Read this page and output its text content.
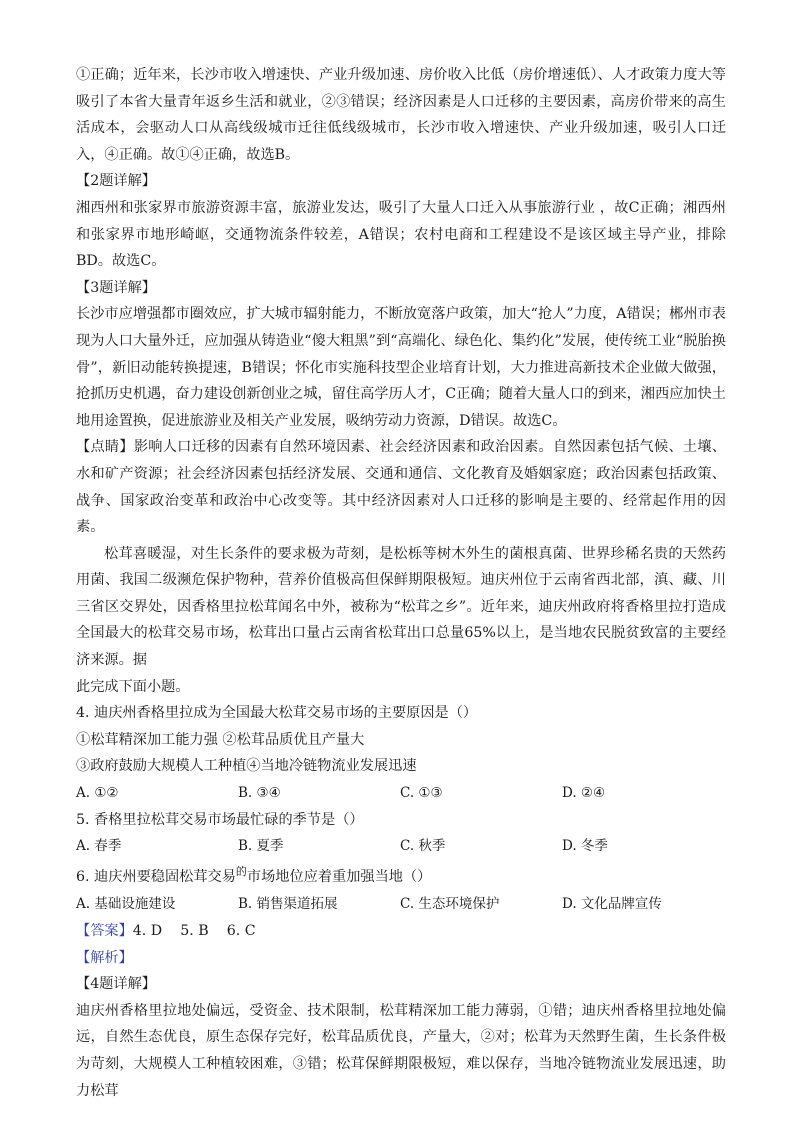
①正确；近年来，长沙市收入增速快、产业升级加速、房价收入比低（房价增速低）、人才政策力度大等吸引了本省大量青年返乡生活和就业，②③错误；经济因素是人口迁移的主要因素，高房价带来的高生活成本，会驱动人口从高线级城市迁往低线级城市，长沙市收入增速快、产业升级加速，吸引人口迁入，④正确。故①④正确，故选B。

【2题详解】

湘西州和张家界市旅游资源丰富，旅游业发达，吸引了大量人口迁入从事旅游行业 ，故C正确；湘西州和张家界市地形崎岖，交通物流条件较差，A错误；农村电商和工程建设不是该区域主导产业，排除 BD。故选C。

【3题详解】

长沙市应增强都市圈效应，扩大城市辐射能力，不断放宽落户政策，加大“抢人”力度，A错误；郴州市表现为人口大量外迁，应加强从铸造业“傻大粗黑”到“高端化、绿色化、集约化”发展，使传统工业“脱胎换骨”，新旧动能转换提速，B错误；怀化市实施科技型企业培育计划，大力推进高新技术企业做大做强，抢抓历史机遇，奋力建设创新创业之城，留住高学历人才，C正确；随着大量人口的到来，湘西应加快土地用途置换，促进旅游业及相关产业发展，吸纳劳动力资源，D错误。故选C。

【点睛】影响人口迁移的因素有自然环境因素、社会经济因素和政治因素。自然因素包括气候、土壤、水和矿产资源；社会经济因素包括经济发展、交通和通信、文化教育及婚姻家庭；政治因素包括政策、战争、国家政治变革和政治中心改变等。其中经济因素对人口迁移的影响是主要的、经常起作用的因素。

松茸喜暖湿，对生长条件的要求极为苛刻，是松栎等树木外生的菌根真菌、世界珍稀名贵的天然药用菌、我国二级濒危保护物种，营养价值极高但保鲜期限极短。迪庆州位于云南省西北部，滇、藏、川三省区交界处，因香格里拉松茸闻名中外，被称为“松茸之乡”。近年来，迪庆州政府将香格里拉打造成全国最大的松茸交易市场，松茸出口量占云南省松茸出口总量65%以上，是当地农民脱贫致富的主要经济来源。据

此完成下面小题。

4. 迪庆州香格里拉成为全国最大松茸交易市场的主要原因是（）

①松茸精深加工能力强 ②松茸品质优且产量大

③政府鼓励大规模人工种植④当地冷链物流业发展迅速

A. ①②	B. ③④	C. ①③	D. ②④

5. 香格里拉松茸交易市场最忙碌的季节是（）

A. 春季	B. 夏季	C. 秋季	D. 冬季

6. 迪庆州要稳固松茸交易$^的$市场地位应着重加强当地（）

A. 基础设施建设	B. 销售渠道拓展	C. 生态环境保护	D. 文化品牌宣传

【答案】4. D    5. B    6. C

【解析】

【4题详解】

迪庆州香格里拉地处偏远，受资金、技术限制，松茸精深加工能力薄弱，①错；迪庆州香格里拉地处偏远，自然生态优良，原生态保存完好，松茸品质优良，产量大，②对；松茸为天然野生菌，生长条件极为苛刻，大规模人工种植较困难，③错；松茸保鲜期限极短，难以保存，当地冷链物流业发展迅速，助力松茸
